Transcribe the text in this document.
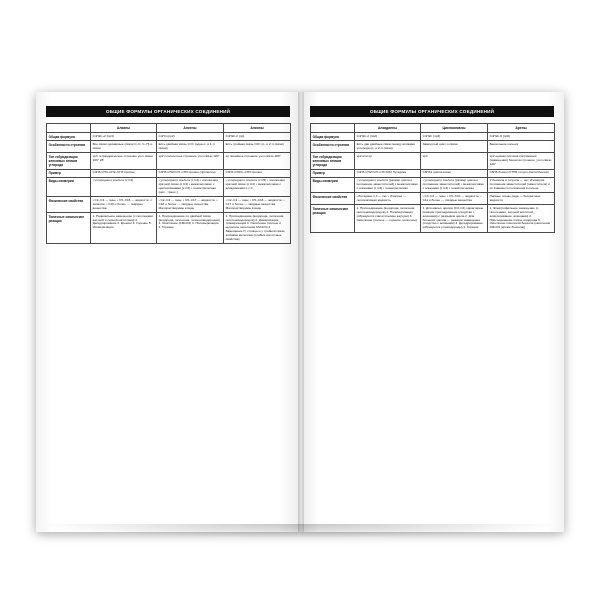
ОБЩИЕ ФОРМУЛЫ ОРГАНИЧЕСКИХ СОЕДИНЕНИЙ
	Алканы	Алкены	Алкины
Общая формула	CnH2n+2 (np3)	CnHn (np2)	CnH2n-2 (np)
Особенности строения	Все связи одинарные (связи С–С, С–Н) σ-связи	Есть двойная связь С=С (одна σ- и 1-π связи)	Есть тройная связь С≡С (σ- и 2-π связи)
Тип гибридизации ключевых атомов углерода	sp3 тетраэдрическое строение угол связи 109° 28'	sp2 плоскостное строение угол связи 120°	sp линейное строение угол связи 180°
Пример	C3H8 CH3–CH2–CH3 пропан	C3H6 CH2=CH–CH3 пропен (пропилен)	C3H4 CH≡C–CH3 пропин
Виды изомерии	• углеродного скелета (с C4)	• углеродного скелета (с C4) • положения кратной связи (с C4) • межклассовая: с циклоалканами (с C3) • геометрическая (цис-, транс-)	• углеродного скелета (с C5) • положения кратной связи (с C4) • межклассовая с алкадиенами и с C
Физические свойства	• C1–C4 — газы, • C5–C15 — жидкости, с запахом, • C16 и более — твёрдые вещества.	• C2–C4 — газы, • C5–C17 — жидкости, • C18 и более — твёрдые вещества. Малорастворимы в воде	• C2–C4 — газы, • C5–C16 — жидкости, • C17 и более — твёрдые вещества. Малорастворимы в воде
Типичные химические реакции	1. Радикальное замещение (с галогенами, азотной и серной кислотами) 2. Дегидрирование 3. Крекинг 4. Горение 5. Изомеризация	1. Присоединение по двойной связи (водорода, галогенов, галогеноводородов) 2. Окисление (KMnO4) 3. Полимеризация 4. Горение	1. Присоединение (водорода, галогенов, галогеноводородов) 2. Димеризация, тримеризация 3. Окисление (полное и неполное окисление KMnO4) 4. Замещение H, стоящего у тройной связи, атомами металлов (слабые кислотные свойства)
ОБЩИЕ ФОРМУЛЫ ОРГАНИЧЕСКИХ СОЕДИНЕНИЙ
	Алкадиены	Циклоалканы	Арены
Общая формула	CnH2n-2 (np2)	CnH2n (np3)	CnH2n-6 (np6)
Особенности строения	Есть две двойные связи между атомами углерода (σ- и 2-π связи)	Замкнутый цикл σ-связи	Бензольное кольцо/
Тип гибридизации ключевых атомов углерода	sp2 или sp	sp3	sp2 единая система сопряжения (замещения) бензола строение, угол связи 120°
Пример	C4H6 CH2=CH–CH=CH2 бутадиен	C6H12 циклогексан	C6H6 бензол C7H8 толуол /метилбензол/
Виды изомерии	• углеродного скелета (размер цикла и положение заместителей) • межклассовая с алкенами (с C3) • геометрическая	• углеродного скелета (размер цикла и положение заместителей) • межклассовая с алкенами (с C3) • геометрическая	У бензола и толуола — нет. Изомерия положения заместителей (заместителя) и их взаимного положения в кольце
Физические свойства	• Бутадиен-1,3 — газ. • Изопрен — легкокипящая жидкость	• C3–C4 — газы, • C5–C10 — жидкости, • C11 и более — твёрдые вещества	Первые члены ряда — бесцветные жидкости
Типичные химические реакции	1. Присоединение (водорода, галогенов, галогеноводородов) 2. Полимеризация (образуются синтетические каучуки) 3. Окисление (полное — горение, неполное)	1. Для малых циклов (C3–C4) характерны реакции присоединения (сходство с алкенами) с разрывом цикла 2. Для больших циклов — реакции замещения (сходство с алканами) 3. Дегидрирование (образуются углеводороды) 4. Горение	1. Электрофильное замещение (с галогенами, азотной кислотой, алкилирование, алкенами) 2. Присоединение хлора, водорода 3. Окисление гомологов бензола (окисление KMnO4 (кроме бензола))
